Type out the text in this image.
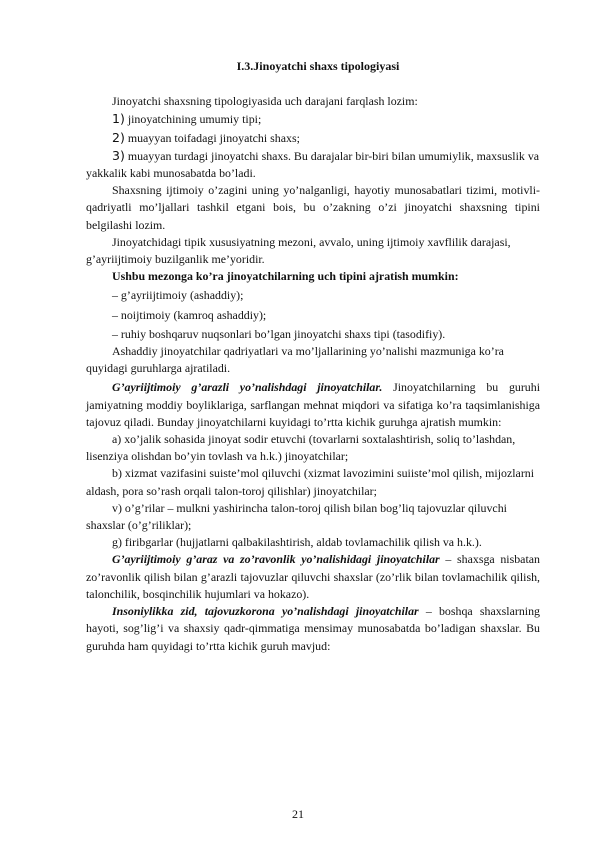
I.3.Jinoyatchi shaxs tipologiyasi

Jinoyatchi shaxsning tipologiyasida uch darajani farqlash lozim:

1) jinoyatchining umumiy tipi;

2) muayyan toifadagi jinoyatchi shaxs;

3) muayyan turdagi jinoyatchi shaxs. Bu darajalar bir-biri bilan umumiylik, maxsuslik va yakkalik kabi munosabatda bo’ladi.

Shaxsning ijtimoiy o’zagini uning yo’nalganligi, hayotiy munosabatlari tizimi, motivli-qadriyatli mo’ljallari tashkil etgani bois, bu o’zakning o’zi jinoyatchi shaxsning tipini belgilashi lozim.

Jinoyatchidagi tipik xususiyatning mezoni, avvalo, uning ijtimoiy xavflilik darajasi, g’ayriijtimoiy buzilganlik me’yoridir.

Ushbu mezonga ko’ra jinoyatchilarning uch tipini ajratish mumkin:

– g’ayriijtimoiy (ashaddiy);

– noijtimoiy (kamroq ashaddiy);

– ruhiy boshqaruv nuqsonlari bo’lgan jinoyatchi shaxs tipi (tasodifiy).

Ashaddiy jinoyatchilar qadriyatlari va mo’ljallarining yo’nalishi mazmuniga ko’ra quyidagi guruhlarga ajratiladi.

G’ayriijtimoiy g’arazli yo’nalishdagi jinoyatchilar. Jinoyatchilarning bu guruhi jamiyatning moddiy boyliklariga, sarflangan mehnat miqdori va sifatiga ko’ra taqsimlanishiga tajovuz qiladi. Bunday jinoyatchilarni kuyidagi to’rtta kichik guruhga ajratish mumkin:

a) xo’jalik sohasida jinoyat sodir etuvchi (tovarlarni soxtalashtirish, soliq to’lashdan, lisenziya olishdan bo’yin tovlash va h.k.) jinoyatchilar;

b) xizmat vazifasini suiste’mol qiluvchi (xizmat lavozimini suiiste’mol qilish, mijozlarni aldash, pora so’rash orqali talon-toroj qilishlar) jinoyatchilar;

v) o’g’rilar – mulkni yashirincha talon-toroj qilish bilan bog’liq tajovuzlar qiluvchi shaxslar (o’g’riliklar);

g) firibgarlar (hujjatlarni qalbakilashtirish, aldab tovlamachilik qilish va h.k.).

G’ayriijtimoiy g’araz va zo’ravonlik yo’nalishidagi jinoyatchilar – shaxsga nisbatan zo’ravonlik qilish bilan g’arazli tajovuzlar qiluvchi shaxslar (zo’rlik bilan tovlamachilik qilish, talonchilik, bosqinchilik hujumlari va hokazo).

Insoniylikka zid, tajovuzkorona yo’nalishdagi jinoyatchilar – boshqa shaxslarning hayoti, sog’lig’i va shaxsiy qadr-qimmatiga mensimay munosabatda bo’ladigan shaxslar. Bu guruhda ham quyidagi to’rtta kichik guruh mavjud:

21
